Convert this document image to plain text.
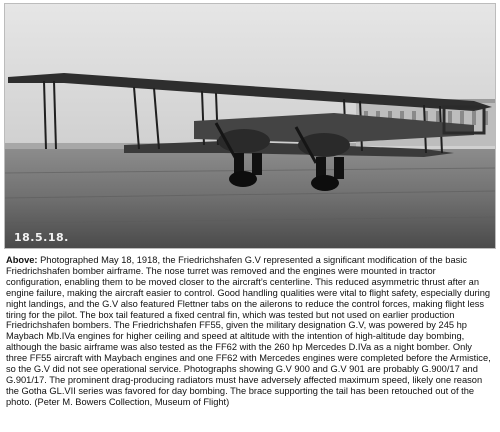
18.5.18.

Above: Photographed May 18, 1918, the Friedrichshafen G.V represented a significant modification of the basic Friedrichshafen bomber airframe. The nose turret was removed and the engines were mounted in tractor configuration, enabling them to be moved closer to the aircraft’s centerline. This reduced asymmetric thrust after an engine failure, making the aircraft easier to control. Good handling qualities were vital to flight safety, especially during night landings, and the G.V also featured Flettner tabs on the ailerons to reduce the control forces, making flight less tiring for the pilot. The box tail featured a fixed central fin, which was tested but not used on earlier production Friedrichshafen bombers. The Friedrichshafen FF55, given the military designation G.V, was powered by 245 hp Maybach Mb.IVa engines for higher ceiling and speed at altitude with the intention of high-altitude day bombing, although the basic airframe was also tested as the FF62 with the 260 hp Mercedes D.IVa as a night bomber. Only three FF55 aircraft with Maybach engines and one FF62 with Mercedes engines were completed before the Armistice, so the G.V did not see operational service. Photographs showing G.V 900 and G.V 901 are probably G.900/17 and G.901/17. The prominent drag-producing radiators must have adversely affected maximum speed, likely one reason the Gotha GL.VII series was favored for day bombing. The brace supporting the tail has been retouched out of the photo. (Peter M. Bowers Collection, Museum of Flight)
